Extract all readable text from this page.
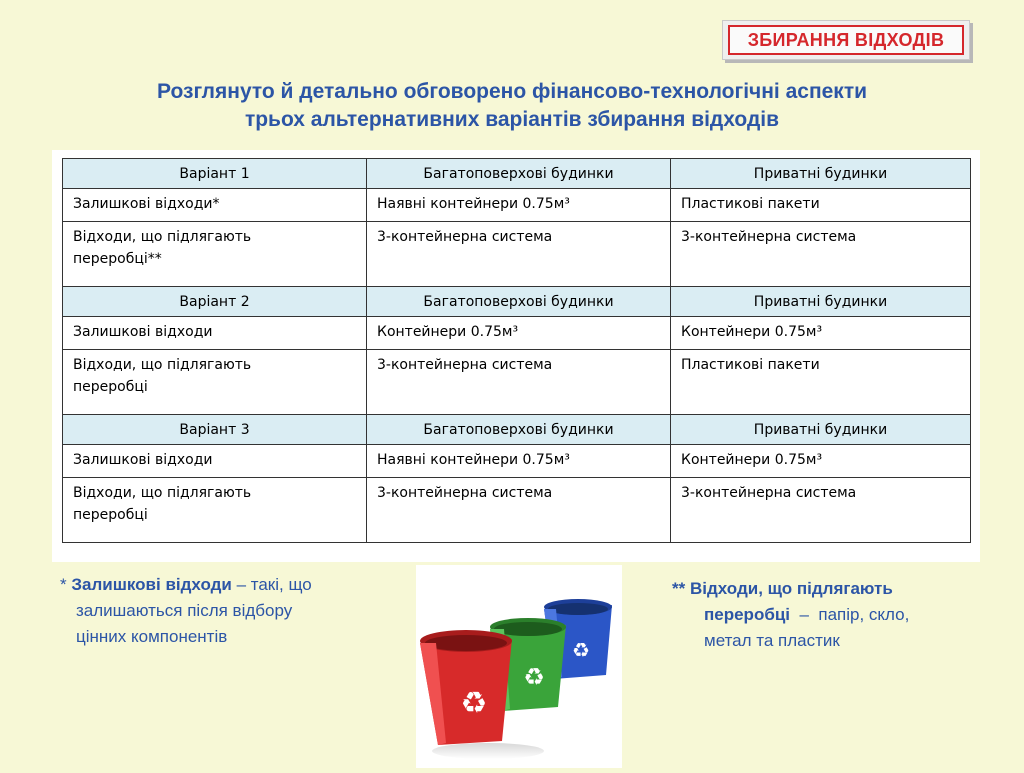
ЗБИРАННЯ ВІДХОДІВ
Розглянуто й детально обговорено фінансово-технологічні аспекти
трьох альтернативних варіантів збирання відходів
Варіант 1	Багатоповерхові будинки	Приватні будинки
Залишкові відходи*	Наявні контейнери 0.75м³	Пластикові пакети

Відходи, що підлягають
переробці**	3-контейнерна система	3-контейнерна система
Варіант 2	Багатоповерхові будинки	Приватні будинки
Залишкові відходи	Контейнери 0.75м³	Контейнери 0.75м³

Відходи, що підлягають
переробці	3-контейнерна система	Пластикові пакети
Варіант 3	Багатоповерхові будинки	Приватні будинки
Залишкові відходи	Наявні контейнери 0.75м³	Контейнери 0.75м³

Відходи, що підлягають
переробці	3-контейнерна система	3-контейнерна система
* Залишкові відходи – такі, що
залишаються після відбору
цінних компонентів
♻
♻
♻
** Відходи, що підлягають
переробці  –  папір, скло,
метал та пластик
